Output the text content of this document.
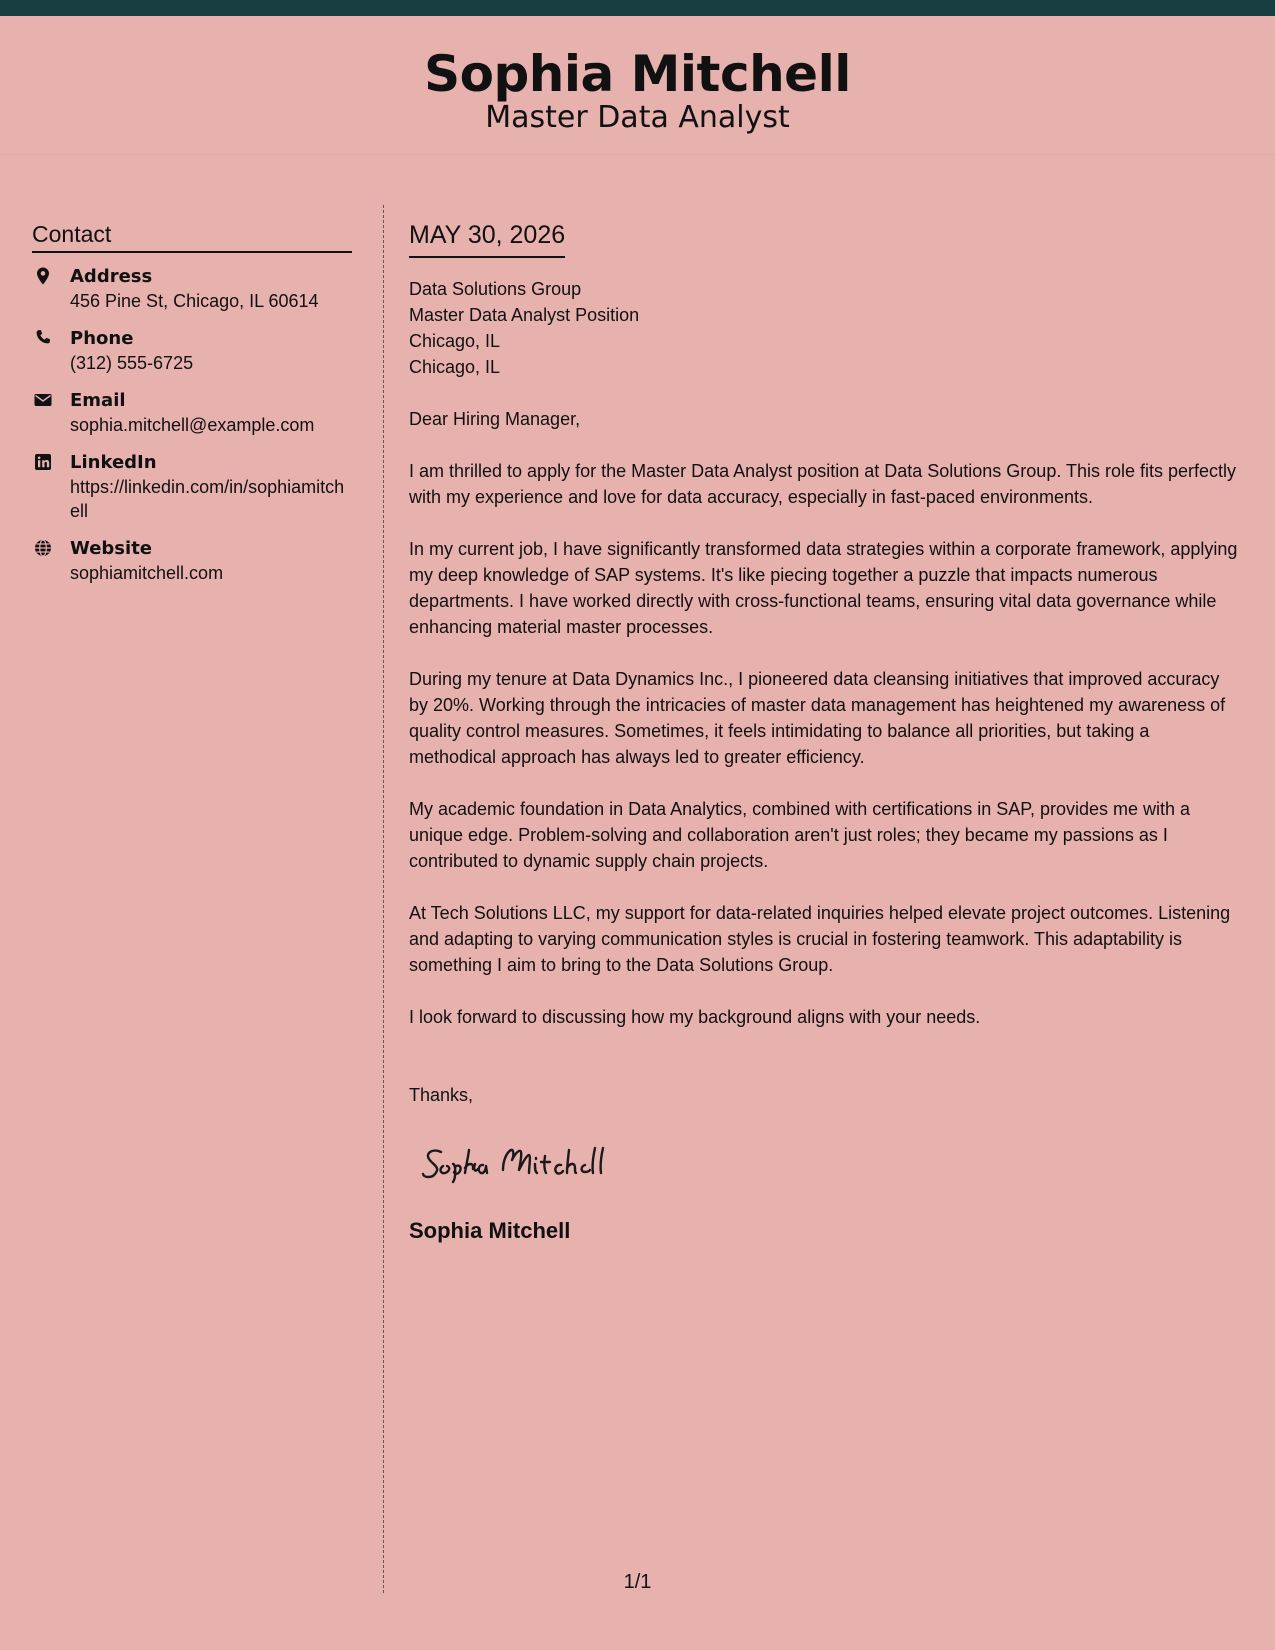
Sophia Mitchell
Master Data Analyst
Contact
Address
456 Pine St, Chicago, IL 60614
Phone
(312) 555-6725
Email
sophia.mitchell@example.com
LinkedIn
https://linkedin.com/in/sophiamitchell
Website
sophiamitchell.com
MAY 30, 2026
Data Solutions Group
Master Data Analyst Position
Chicago, IL
Chicago, IL
Dear Hiring Manager,

I am thrilled to apply for the Master Data Analyst position at Data Solutions Group. This role fits perfectly with my experience and love for data accuracy, especially in fast-paced environments.

In my current job, I have significantly transformed data strategies within a corporate framework, applying my deep knowledge of SAP systems. It's like piecing together a puzzle that impacts numerous departments. I have worked directly with cross-functional teams, ensuring vital data governance while enhancing material master processes.

During my tenure at Data Dynamics Inc., I pioneered data cleansing initiatives that improved accuracy by 20%. Working through the intricacies of master data management has heightened my awareness of quality control measures. Sometimes, it feels intimidating to balance all priorities, but taking a methodical approach has always led to greater efficiency.

My academic foundation in Data Analytics, combined with certifications in SAP, provides me with a unique edge. Problem-solving and collaboration aren't just roles; they became my passions as I contributed to dynamic supply chain projects.

At Tech Solutions LLC, my support for data-related inquiries helped elevate project outcomes. Listening and adapting to varying communication styles is crucial in fostering teamwork. This adaptability is something I aim to bring to the Data Solutions Group.

I look forward to discussing how my background aligns with your needs.

Thanks,
Sophia Mitchell
1/1
